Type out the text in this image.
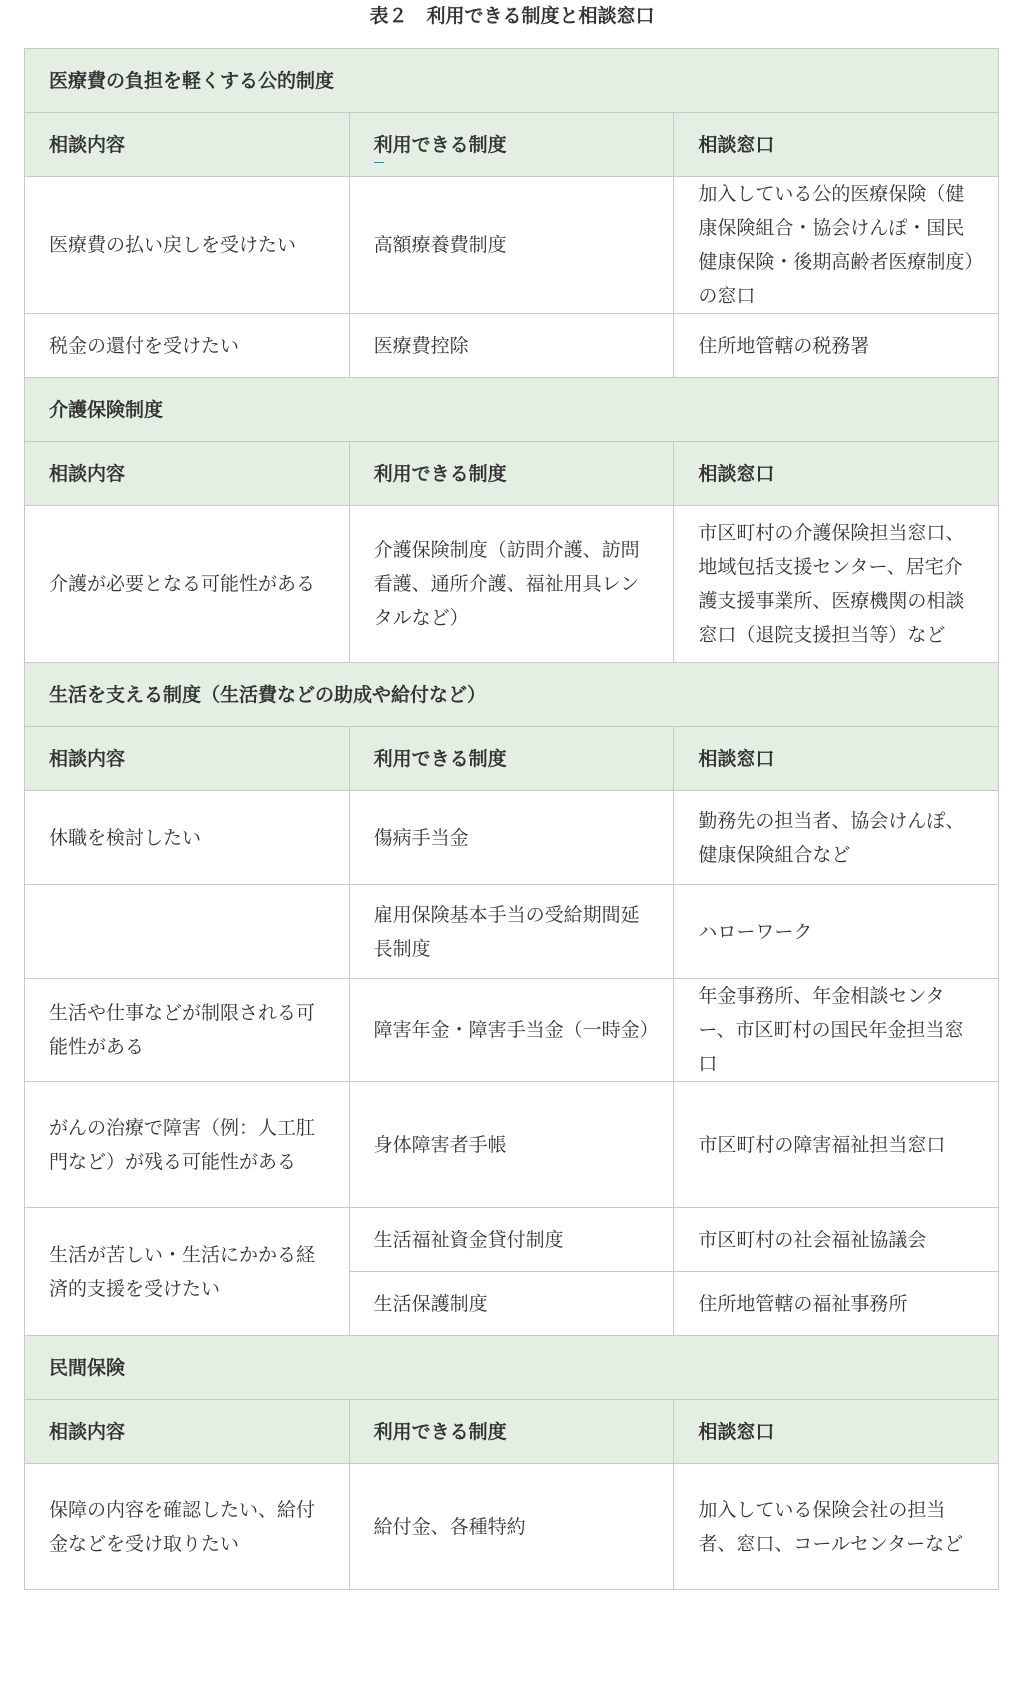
表２　利用できる制度と相談窓口
医療費の負担を軽くする公的制度		
相談内容	利用できる制度	相談窓口
医療費の払い戻しを受けたい	高額療養費制度	加入している公的医療保険（健康保険組合・協会けんぽ・国民健康保険・後期高齢者医療制度）の窓口
税金の還付を受けたい	医療費控除	住所地管轄の税務署
介護保険制度		
相談内容	利用できる制度	相談窓口
介護が必要となる可能性がある	介護保険制度（訪問介護、訪問看護、通所介護、福祉用具レンタルなど）	市区町村の介護保険担当窓口、地域包括支援センター、居宅介護支援事業所、医療機関の相談窓口（退院支援担当等）など
生活を支える制度（生活費などの助成や給付など）		
相談内容	利用できる制度	相談窓口
休職を検討したい	傷病手当金	勤務先の担当者、協会けんぽ、健康保険組合など
	雇用保険基本手当の受給期間延長制度	ハローワーク
生活や仕事などが制限される可能性がある	障害年金・障害手当金（一時金）	年金事務所、年金相談センター、市区町村の国民年金担当窓口
がんの治療で障害（例：人工肛門など）が残る可能性がある	身体障害者手帳	市区町村の障害福祉担当窓口
生活が苦しい・生活にかかる経済的支援を受けたい	生活福祉資金貸付制度	市区町村の社会福祉協議会
	生活保護制度	住所地管轄の福祉事務所
民間保険		
相談内容	利用できる制度	相談窓口
保障の内容を確認したい、給付金などを受け取りたい	給付金、各種特約	加入している保険会社の担当者、窓口、コールセンターなど
